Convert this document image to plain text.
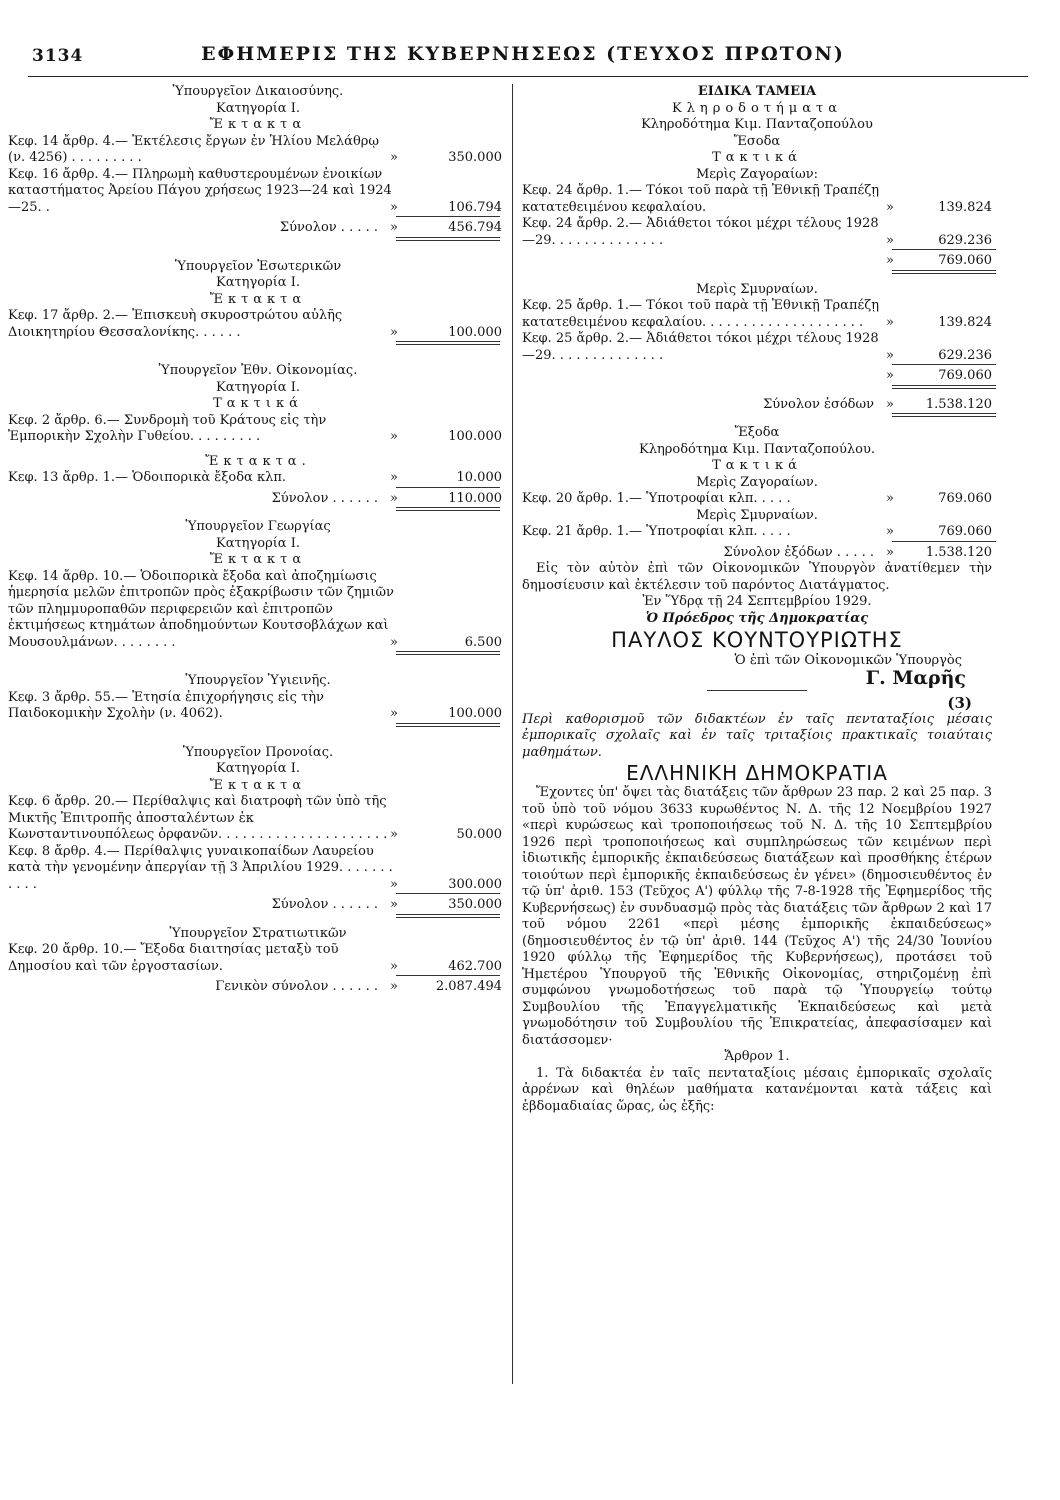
3134	ΕΦΗΜΕΡΙΣ ΤΗΣ ΚΥΒΕΡΝΗΣΕΩΣ (ΤΕΥΧΟΣ ΠΡΩΤΟΝ)
Ὑπουργεῖον Δικαιοσύνης.
Κατηγορία Ι.
Ἔκτακτα
Κεφ. 14 ἄρθρ. 4.— Ἐκτέλεσις ἔργων ἐν Ἠλίου Μελάθρῳ (ν. 4256) . . . . . . . . .	»	350.000
Κεφ. 16 ἄρθρ. 4.— Πληρωμὴ καθυστερουμένων ἐνοικίων καταστήματος Ἀρείου Πάγου χρήσεως 1923—24 καὶ 1924—25. .	»	106.794
Σύνολον . . . . . »	456.794
Ὑπουργεῖον Ἐσωτερικῶν
Κατηγορία Ι.
Ἔκτακτα
Κεφ. 17 ἄρθρ. 2.— Ἐπισκευὴ σκυροστρώτου αὐλῆς Διοικητηρίου Θεσσαλονίκης. . . . . .	»	100.000
Ὑπουργεῖον Ἐθν. Οἰκονομίας.
Κατηγορία Ι.
Τακτικά
Κεφ. 2 ἄρθρ. 6.— Συνδρομὴ τοῦ Κράτους εἰς τὴν Ἐμπορικὴν Σχολὴν Γυθείου. . . . . . . . .	»	100.000
Ἔκτακτα.
Κεφ. 13 ἄρθρ. 1.— Ὁδοιπορικὰ ἔξοδα κλπ.	»	10.000
Σύνολον . . . . . . »	110.000
Ὑπουργεῖον Γεωργίας
Κατηγορία Ι.
Ἔκτακτα
Κεφ. 14 ἄρθρ. 10.— Ὁδοιπορικὰ ἔξοδα καὶ ἀποζημίωσις ἡμερησία μελῶν ἐπιτροπῶν πρὸς ἐξακρίβωσιν τῶν ζημιῶν τῶν πλημμυροπαθῶν περιφερειῶν καὶ ἐπιτροπῶν ἐκτιμήσεως κτημάτων ἀποδημούντων Κουτσοβλάχων καὶ Μουσουλμάνων. . . . . . . .	»	6.500
Ὑπουργεῖον Ὑγιεινῆς.
Κεφ. 3 ἄρθρ. 55.— Ἐτησία ἐπιχορήγησις εἰς τὴν Παιδοκομικὴν Σχολὴν (ν. 4062).	»	100.000
Ὑπουργεῖον Προνοίας.
Κατηγορία Ι.
Ἔκτακτα
Κεφ. 6 ἄρθρ. 20.— Περίθαλψις καὶ διατροφὴ τῶν ὑπὸ τῆς Μικτῆς Ἐπιτροπῆς ἀποσταλέντων ἐκ Κωνσταντινουπόλεως ὀρφανῶν. . . . . . . . . . . . . . . . . . . . . »	50.000
Κεφ. 8 ἄρθρ. 4.— Περίθαλψις γυναικοπαίδων Λαυρείου κατὰ τὴν γενομένην ἀπεργίαν τῇ 3 Ἀπριλίου 1929. . . . . . . . . . .	»	300.000
Σύνολον . . . . . . »	350.000
Ὑπουργεῖον Στρατιωτικῶν
Κεφ. 20 ἄρθρ. 10.— Ἔξοδα διαιτησίας μεταξὺ τοῦ Δημοσίου καὶ τῶν ἐργοστασίων.	»	462.700
Γενικὸν σύνολον . . . . . . »	2.087.494
ΕΙΔΙΚΑ ΤΑΜΕΙΑ
Κληροδοτήματα
Κληροδότημα Κιμ. Πανταζοπούλου
Ἔσοδα
Τακτικά
Μερὶς Ζαγοραίων:
Κεφ. 24 ἄρθρ. 1.— Τόκοι τοῦ παρὰ τῇ Ἐθνικῇ Τραπέζῃ κατατεθειμένου κεφαλαίου.	»	139.824
Κεφ. 24 ἄρθρ. 2.— Ἀδιάθετοι τόκοι μέχρι τέλους 1928—29. . . . . . . . . . . . . .	»	629.236

»	769.060
Μερὶς Σμυρναίων.
Κεφ. 25 ἄρθρ. 1.— Τόκοι τοῦ παρὰ τῇ Ἐθνικῇ Τραπέζῃ κατατεθειμένου κεφαλαίου. . . . . . . . . . . . . . . . . . . .	»	139.824
Κεφ. 25 ἄρθρ. 2.— Ἀδιάθετοι τόκοι μέχρι τέλους 1928—29. . . . . . . . . . . . . .	»	629.236

»	769.060
Σύνολον ἐσόδων »	1.538.120
Ἔξοδα
Κληροδότημα Κιμ. Πανταζοπούλου.
Τακτικά
Μερὶς Ζαγοραίων.
Κεφ. 20 ἄρθρ. 1.— Ὑποτροφίαι κλπ. . . . .	»	769.060
Μερὶς Σμυρναίων.
Κεφ. 21 ἄρθρ. 1.— Ὑποτροφίαι κλπ. . . . .	»	769.060
Σύνολον ἐξόδων . . . . . »	1.538.120
Εἰς τὸν αὐτὸν ἐπὶ τῶν Οἰκονομικῶν Ὑπουργὸν ἀνατίθεμεν τὴν δημοσίευσιν καὶ ἐκτέλεσιν τοῦ παρόντος Διατάγματος.
Ἐν Ὕδρᾳ τῇ 24 Σεπτεμβρίου 1929.
Ὁ Πρόεδρος τῆς Δημοκρατίας
ΠΑΥΛΟΣ ΚΟΥΝΤΟΥΡΙΩΤΗΣ
Ὁ ἐπὶ τῶν Οἰκονομικῶν Ὑπουργὸς
Γ. Μαρῆς
(3)
Περὶ καθορισμοῦ τῶν διδακτέων ἐν ταῖς πενταταξίοις μέσαις ἐμπορικαῖς σχολαῖς καὶ ἐν ταῖς τριταξίοις πρακτικαῖς τοιαύταις μαθημάτων.
ΕΛΛΗΝΙΚΗ ΔΗΜΟΚΡΑΤΙΑ
Ἔχοντες ὑπ' ὄψει τὰς διατάξεις τῶν ἄρθρων 23 παρ. 2 καὶ 25 παρ. 3 τοῦ ὑπὸ τοῦ νόμου 3633 κυρωθέντος Ν. Δ. τῆς 12 Νοεμβρίου 1927 «περὶ κυρώσεως καὶ τροποποιήσεως τοῦ Ν. Δ. τῆς 10 Σεπτεμβρίου 1926 περὶ τροποποιήσεως καὶ συμπληρώσεως τῶν κειμένων περὶ ἰδιωτικῆς ἐμπορικῆς ἐκπαιδεύσεως διατάξεων καὶ προσθήκης ἑτέρων τοιούτων περὶ ἐμπορικῆς ἐκπαιδεύσεως ἐν γένει» (δημοσιευθέντος ἐν τῷ ὑπ' ἀριθ. 153 (Τεῦχος Α') φύλλῳ τῆς 7-8-1928 τῆς Ἐφημερίδος τῆς Κυβερνήσεως) ἐν συνδυασμῷ πρὸς τὰς διατάξεις τῶν ἄρθρων 2 καὶ 17 τοῦ νόμου 2261 «περὶ μέσης ἐμπορικῆς ἐκπαιδεύσεως» (δημοσιευθέντος ἐν τῷ ὑπ' ἀριθ. 144 (Τεῦχος Α') τῆς 24/30 Ἰουνίου 1920 φύλλῳ τῆς Ἐφημερίδος τῆς Κυβερνήσεως), προτάσει τοῦ Ἡμετέρου Ὑπουργοῦ τῆς Ἐθνικῆς Οἰκονομίας, στηριζομένῃ ἐπὶ συμφώνου γνωμοδοτήσεως τοῦ παρὰ τῷ Ὑπουργείῳ τούτῳ Συμβουλίου τῆς Ἐπαγγελματικῆς Ἐκπαιδεύσεως καὶ μετὰ γνωμοδότησιν τοῦ Συμβουλίου τῆς Ἐπικρατείας, ἀπεφασίσαμεν καὶ διατάσσομεν·
Ἄρθρον 1.
1. Τὰ διδακτέα ἐν ταῖς πενταταξίοις μέσαις ἐμπορικαῖς σχολαῖς ἀρρένων καὶ θηλέων μαθήματα κατανέμονται κατὰ τάξεις καὶ ἑβδομαδιαίας ὥρας, ὡς ἑξῆς:
